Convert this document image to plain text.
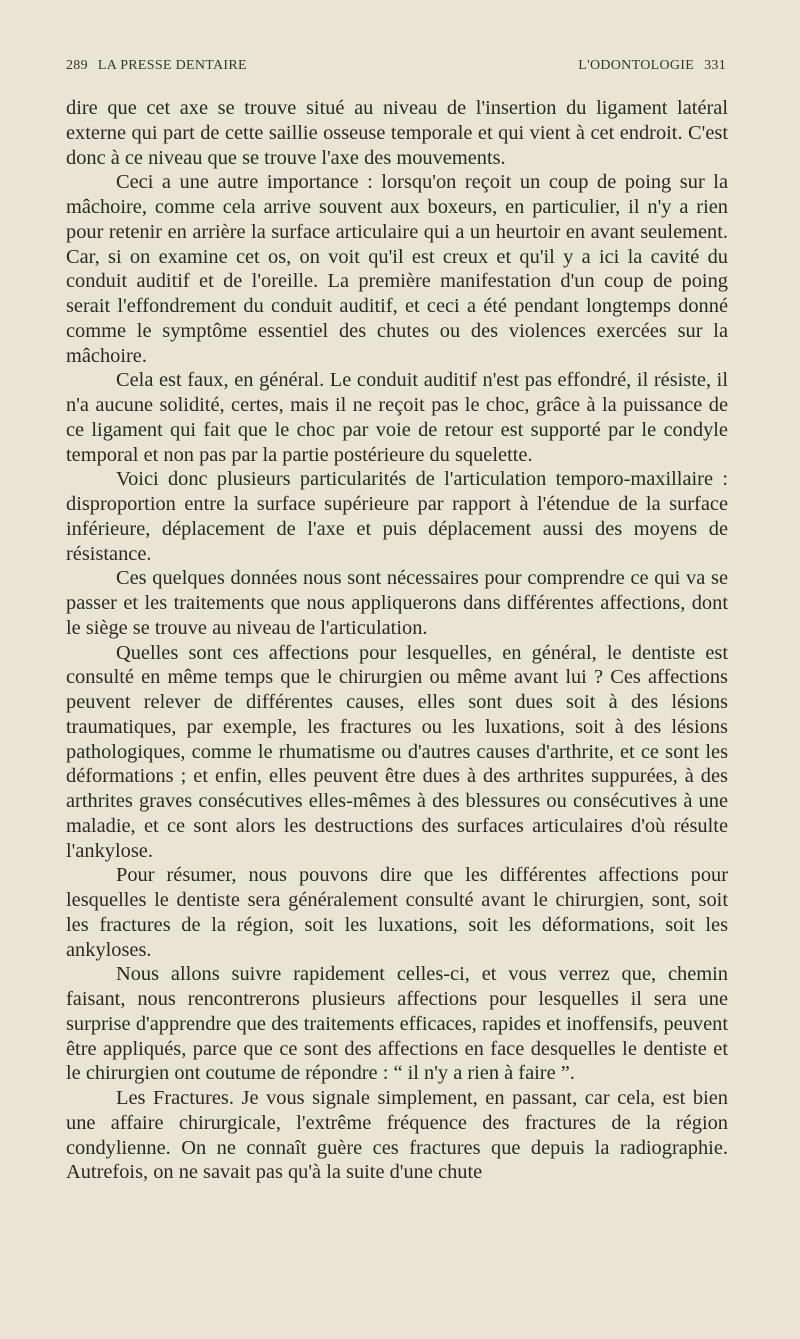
289 LA PRESSE DENTAIRE	L'ODONTOLOGIE 331

dire que cet axe se trouve situé au niveau de l'insertion du ligament latéral externe qui part de cette saillie osseuse temporale et qui vient à cet endroit. C'est donc à ce niveau que se trouve l'axe des mouvements.

Ceci a une autre importance : lorsqu'on reçoit un coup de poing sur la mâchoire, comme cela arrive souvent aux boxeurs, en particulier, il n'y a rien pour retenir en arrière la surface articulaire qui a un heurtoir en avant seulement. Car, si on examine cet os, on voit qu'il est creux et qu'il y a ici la cavité du conduit auditif et de l'oreille. La première manifestation d'un coup de poing serait l'effondrement du conduit auditif, et ceci a été pendant longtemps donné comme le symptôme essentiel des chutes ou des violences exercées sur la mâchoire.

Cela est faux, en général. Le conduit auditif n'est pas effondré, il résiste, il n'a aucune solidité, certes, mais il ne reçoit pas le choc, grâce à la puissance de ce ligament qui fait que le choc par voie de retour est supporté par le condyle temporal et non pas par la partie postérieure du squelette.

Voici donc plusieurs particularités de l'articulation temporo-maxillaire : disproportion entre la surface supérieure par rapport à l'étendue de la surface inférieure, déplacement de l'axe et puis déplacement aussi des moyens de résistance.

Ces quelques données nous sont nécessaires pour comprendre ce qui va se passer et les traitements que nous appliquerons dans différentes affections, dont le siège se trouve au niveau de l'articulation.

Quelles sont ces affections pour lesquelles, en général, le dentiste est consulté en même temps que le chirurgien ou même avant lui ? Ces affections peuvent relever de différentes causes, elles sont dues soit à des lésions traumatiques, par exemple, les fractures ou les luxations, soit à des lésions pathologiques, comme le rhumatisme ou d'autres causes d'arthrite, et ce sont les déformations ; et enfin, elles peuvent être dues à des arthrites suppurées, à des arthrites graves consécutives elles-mêmes à des blessures ou consécutives à une maladie, et ce sont alors les destructions des surfaces articulaires d'où résulte l'ankylose.

Pour résumer, nous pouvons dire que les différentes affections pour lesquelles le dentiste sera généralement consulté avant le chirurgien, sont, soit les fractures de la région, soit les luxations, soit les déformations, soit les ankyloses.

Nous allons suivre rapidement celles-ci, et vous verrez que, chemin faisant, nous rencontrerons plusieurs affections pour lesquelles il sera une surprise d'apprendre que des traitements efficaces, rapides et inoffensifs, peuvent être appliqués, parce que ce sont des affections en face desquelles le dentiste et le chirurgien ont coutume de répondre : “ il n'y a rien à faire ”.

Les Fractures. Je vous signale simplement, en passant, car cela, est bien une affaire chirurgicale, l'extrême fréquence des fractures de la région condylienne. On ne connaît guère ces fractures que depuis la radiographie. Autrefois, on ne savait pas qu'à la suite d'une chute
